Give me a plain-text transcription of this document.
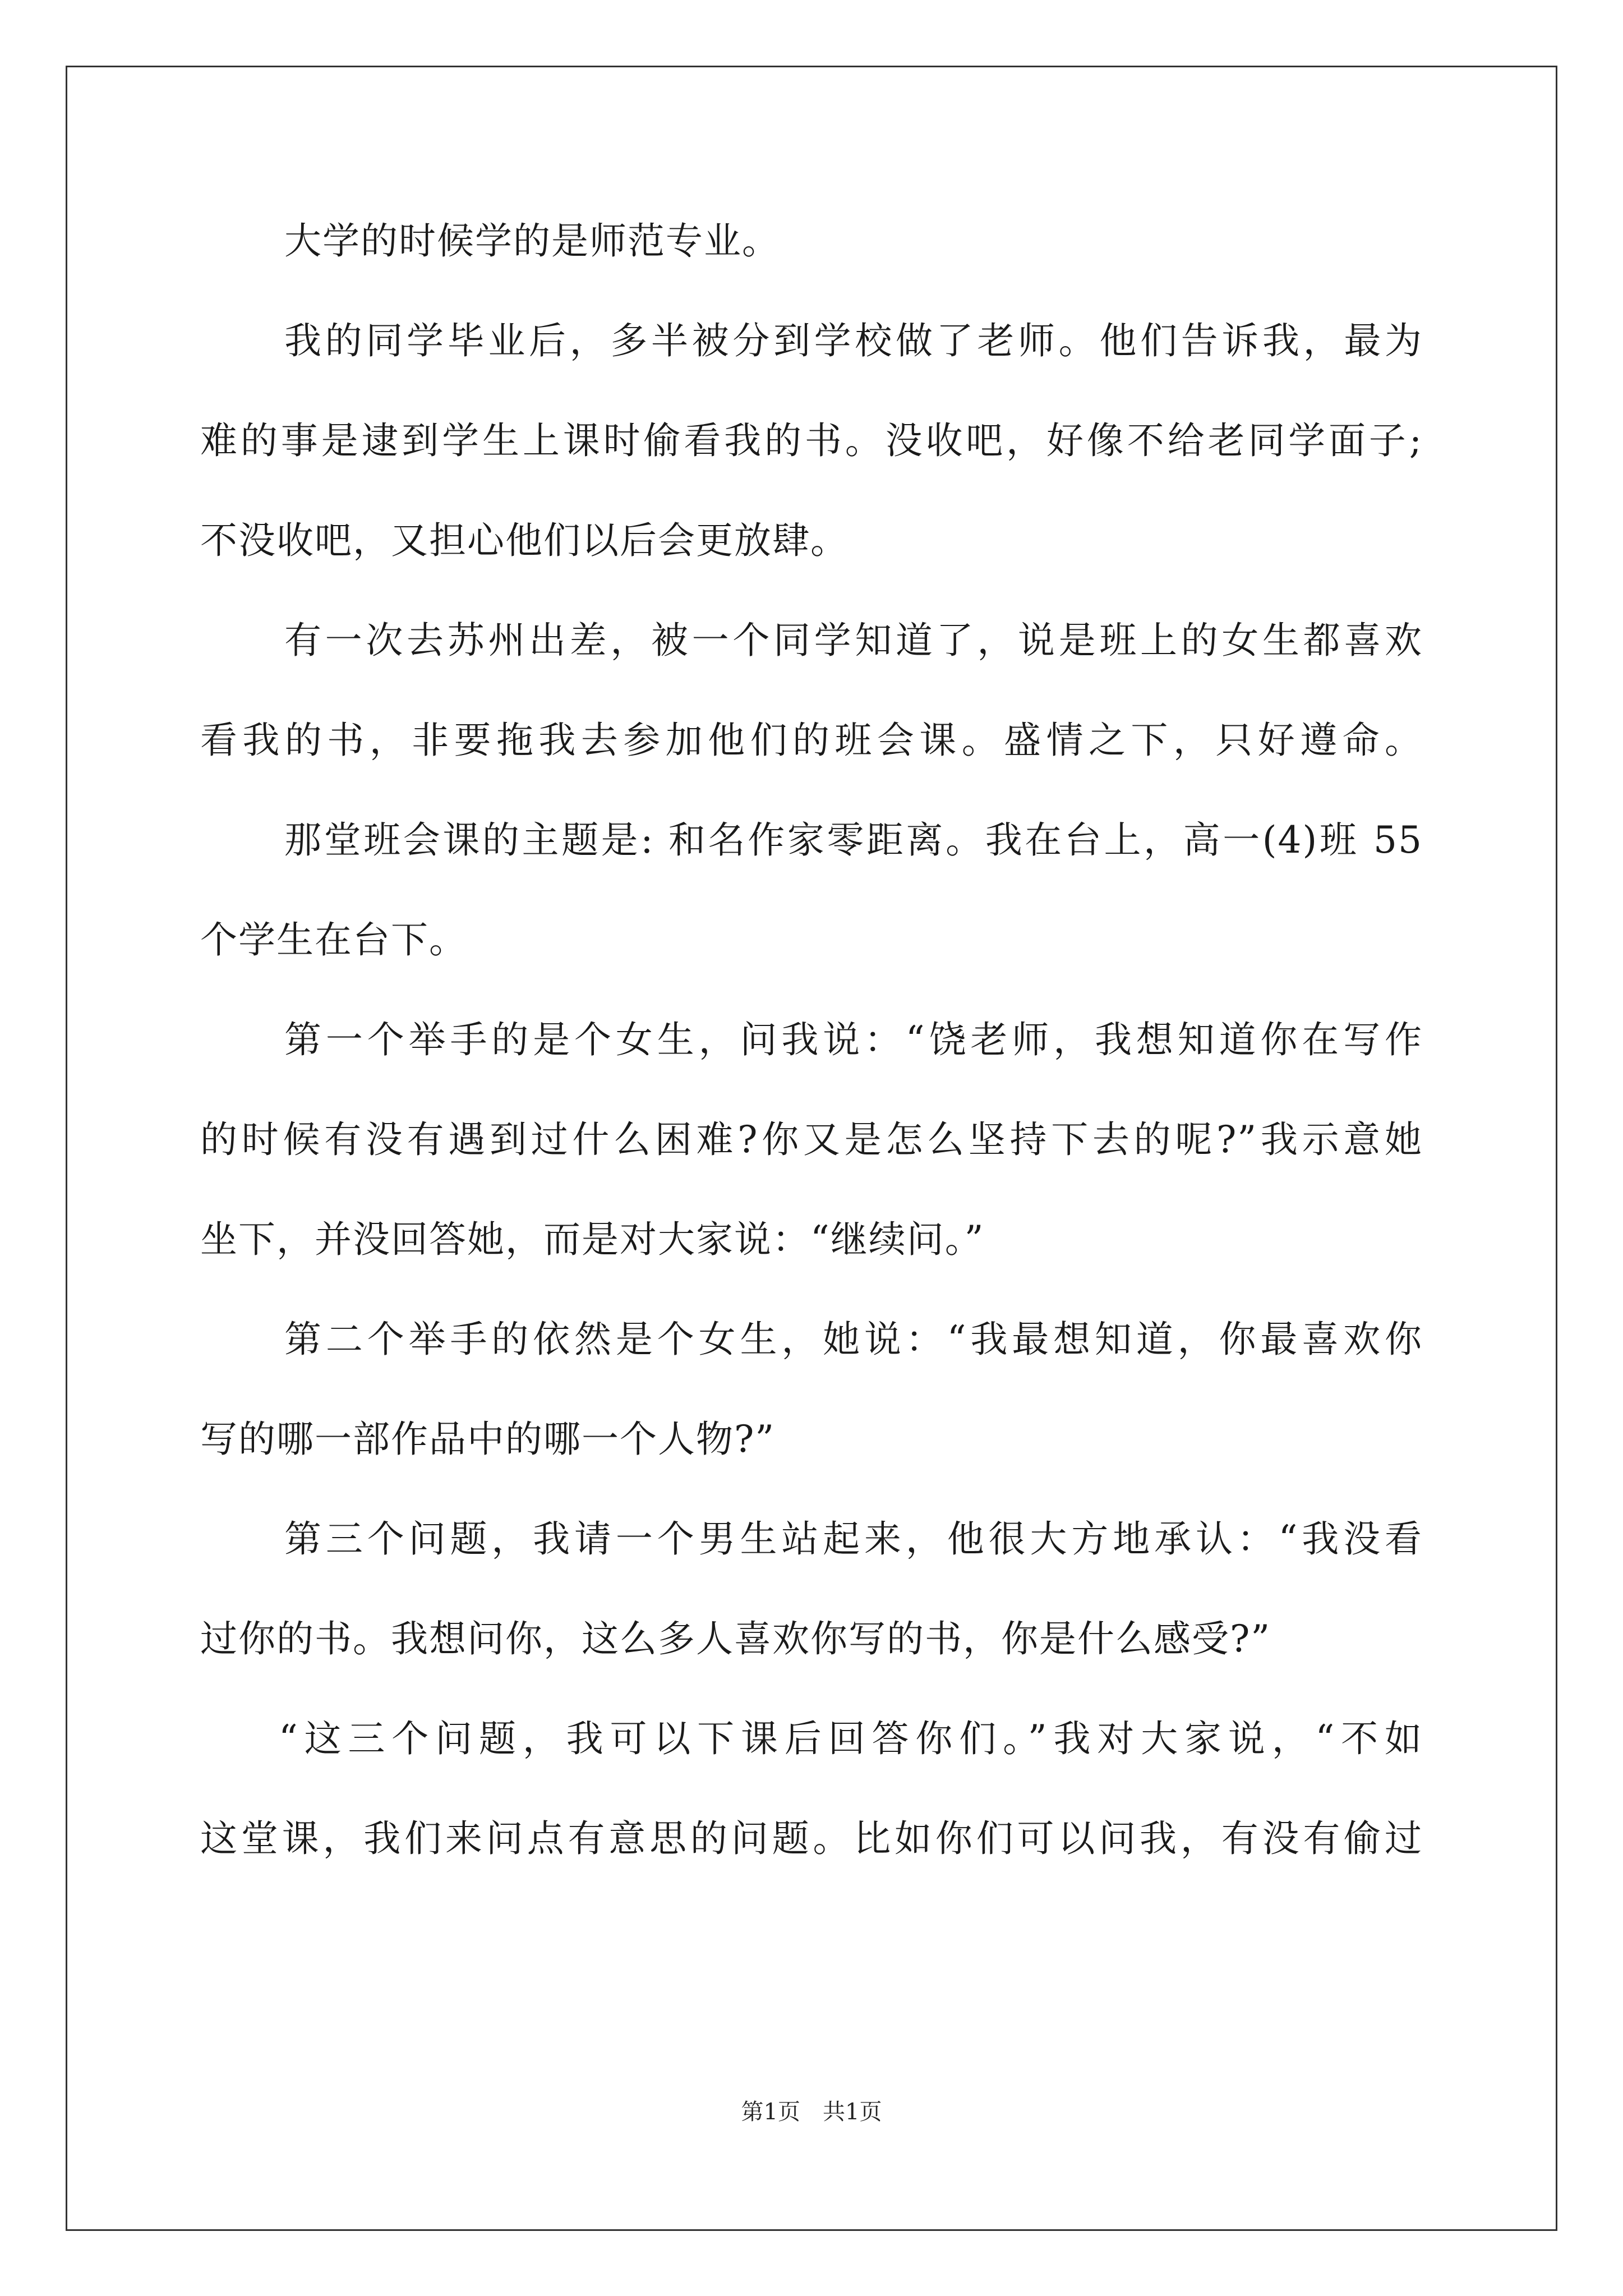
大学的时候学的是师范专业。
我的同学毕业后，多半被分到学校做了老师。他们告诉我，最为
难的事是逮到学生上课时偷看我的书。没收吧，好像不给老同学面子;
不没收吧，又担心他们以后会更放肆。
有一次去苏州出差，被一个同学知道了，说是班上的女生都喜欢
看我的书，非要拖我去参加他们的班会课。盛情之下，只好遵命。
那堂班会课的主题是: 和名作家零距离。我在台上，高一(4)班 55
个学生在台下。
第一个举手的是个女生，问我说：“饶老师，我想知道你在写作
的时候有没有遇到过什么困难?你又是怎么坚持下去的呢?”我示意她
坐下，并没回答她，而是对大家说：“继续问。”
第二个举手的依然是个女生，她说：“我最想知道，你最喜欢你
写的哪一部作品中的哪一个人物?”
第三个问题，我请一个男生站起来，他很大方地承认：“我没看
过你的书。我想问你，这么多人喜欢你写的书，你是什么感受?”
“这三个问题，我可以下课后回答你们。”我对大家说，“不如
这堂课，我们来问点有意思的问题。比如你们可以问我，有没有偷过
第1页　共1页
